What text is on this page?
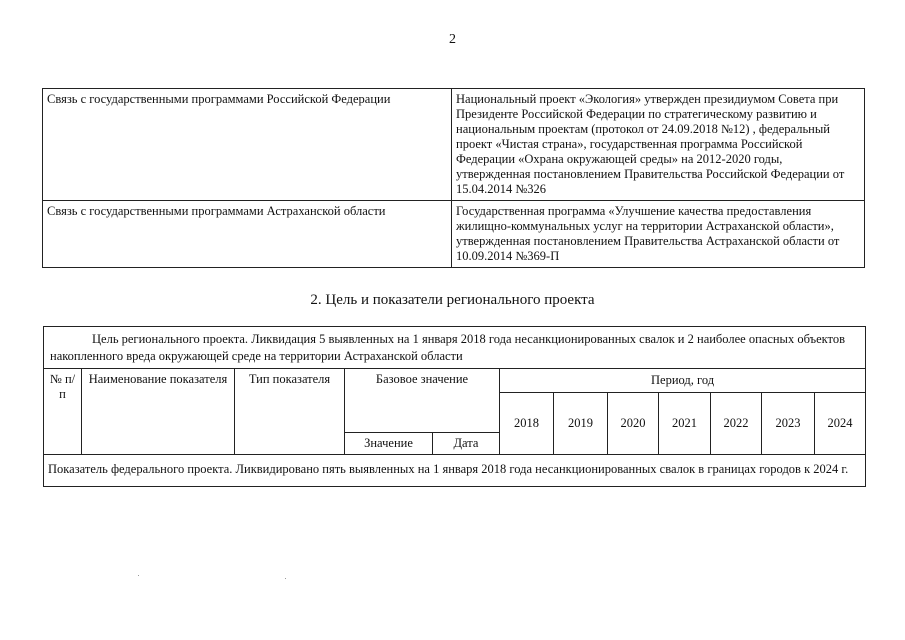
2
Связь с государственными программами Российской Федерации	Национальный проект «Экология» утвержден президиумом Совета при Президенте Российской Федерации по стратегическому развитию и национальным проектам (протокол от 24.09.2018 №12) , федеральный проект «Чистая страна», государственная программа Российской Федерации «Охрана окружающей среды» на 2012-2020 годы, утвержденная постановлением Правительства Российской Федерации от 15.04.2014 №326
Связь с государственными программами Астраханской области	Государственная программа «Улучшение качества предоставления жилищно-коммунальных услуг на территории Астраханской области», утвержденная постановлением Правительства Астраханской области от 10.09.2014 №369-П
2. Цель и показатели регионального проекта
Цель регионального проекта. Ликвидация 5 выявленных на 1 января 2018 года несанкционированных свалок и 2 наиболее опасных объектов накопленного вреда окружающей среде на территории Астраханской области											
№ п/п	Наименование показателя	Тип показателя	Базовое значение		Период, год						
					2018	2019	2020	2021	2022	2023	2024
			Значение	Дата							
Показатель федерального проекта. Ликвидировано пять выявленных на 1 января 2018 года несанкционированных свалок в границах городов к 2024 г.											
